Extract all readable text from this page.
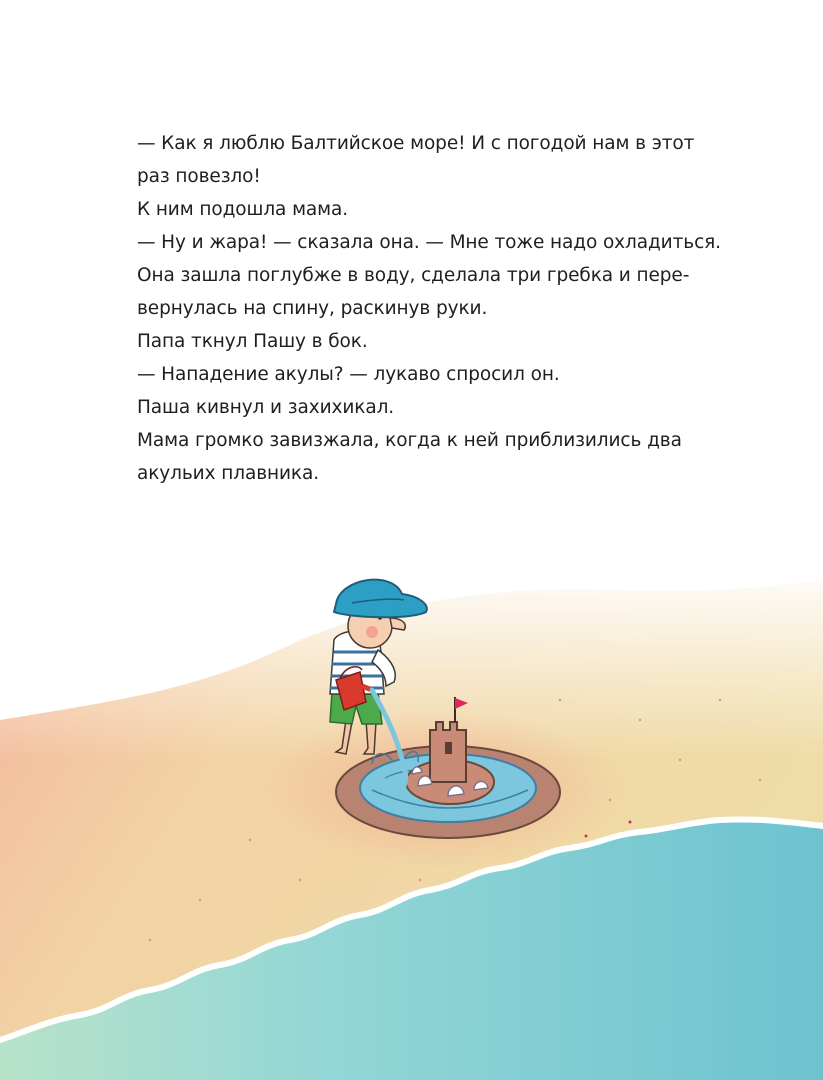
— Как я люблю Балтийское море! И с погодой нам в этот
раз повезло!
К ним подошла мама.
— Ну и жара! — сказала она. — Мне тоже надо охладиться.
Она зашла поглубже в воду, сделала три гребка и пере-
вернулась на спину, раскинув руки.
Папа ткнул Пашу в бок.
— Нападение акулы? — лукаво спросил он.
Паша кивнул и захихикал.
Мама громко завизжала, когда к ней приблизились два
акульих плавника.
